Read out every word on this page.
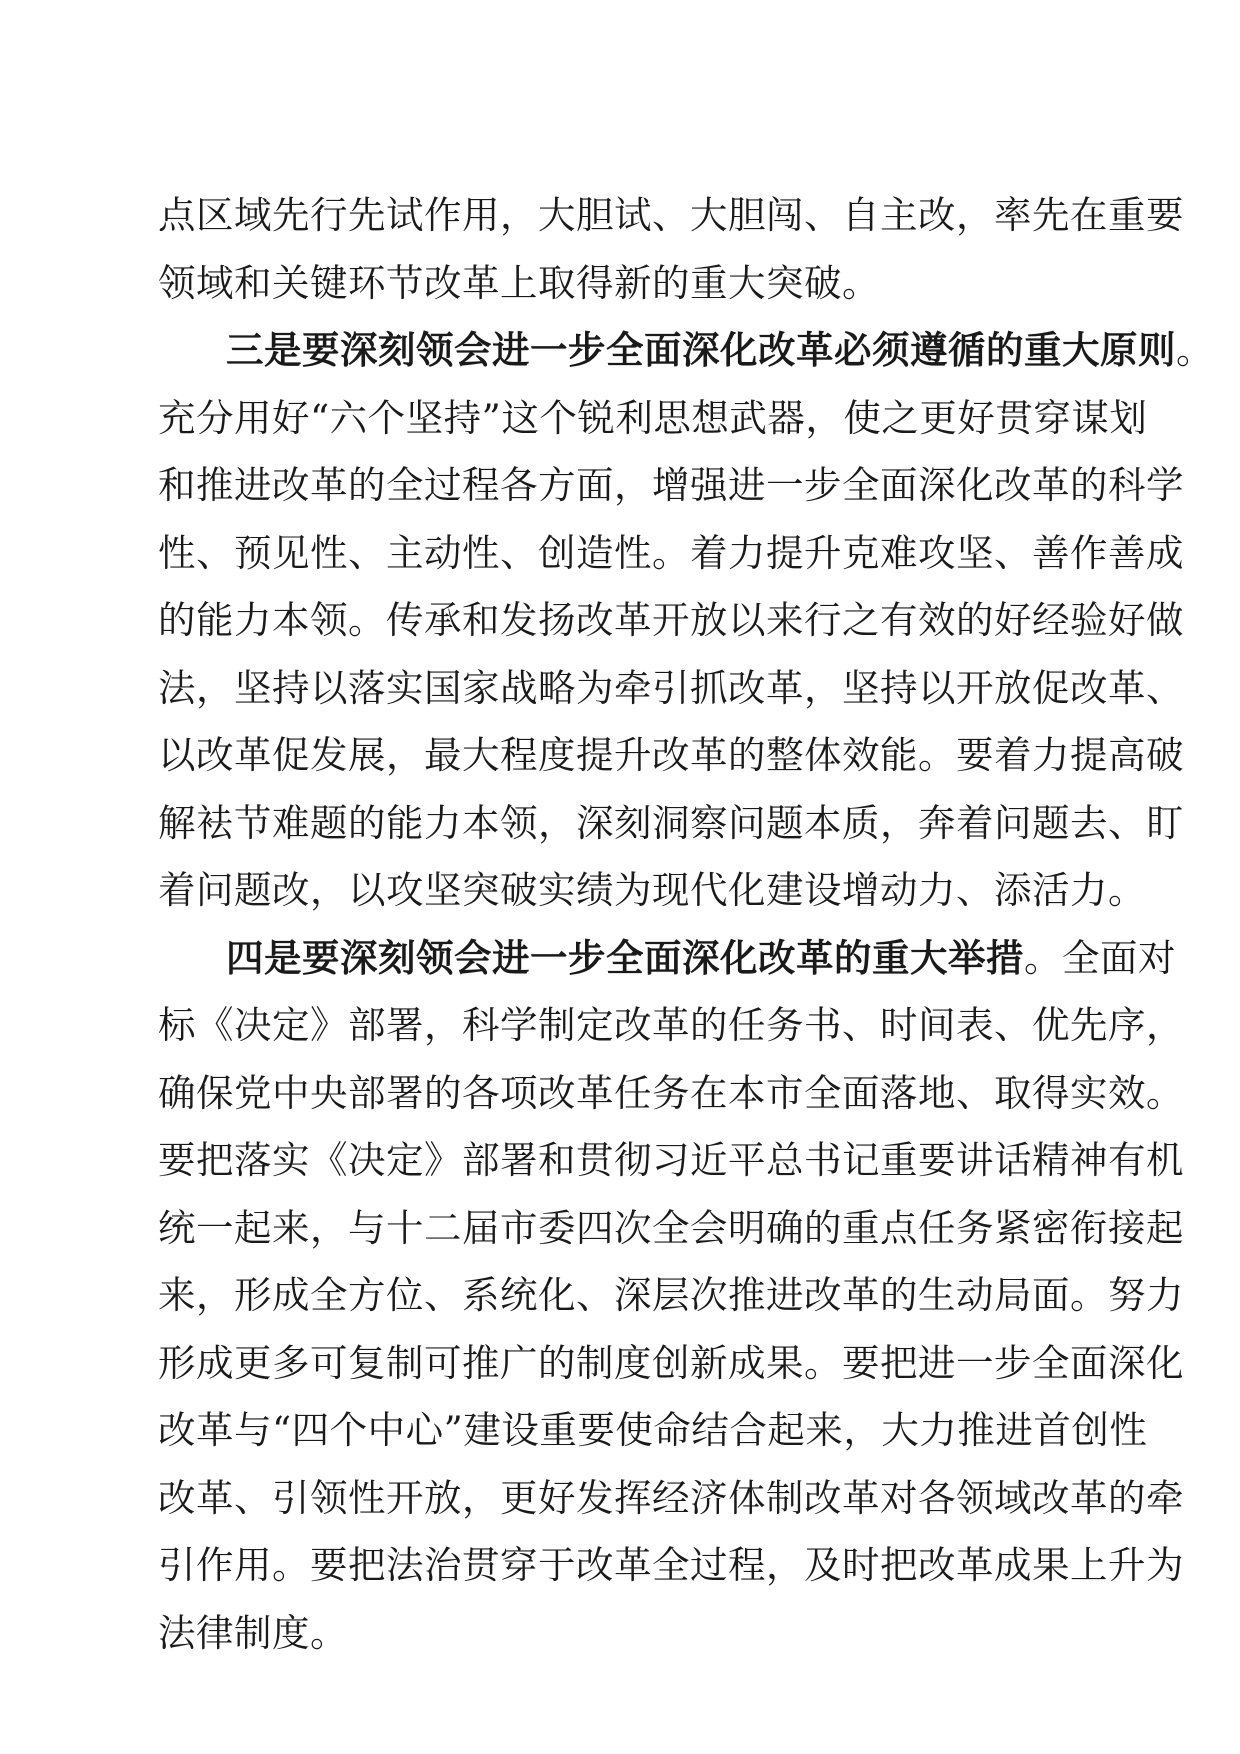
点区域先行先试作用，大胆试、大胆闯、自主改，率先在重要
领域和关键环节改革上取得新的重大突破。
三是要深刻领会进一步全面深化改革必须遵循的重大原则。
充分用好“六个坚持”这个锐利思想武器，使之更好贯穿谋划
和推进改革的全过程各方面，增强进一步全面深化改革的科学
性、预见性、主动性、创造性。着力提升克难攻坚、善作善成
的能力本领。传承和发扬改革开放以来行之有效的好经验好做
法，坚持以落实国家战略为牵引抓改革，坚持以开放促改革、
以改革促发展，最大程度提升改革的整体效能。要着力提高破
解袪节难题的能力本领，深刻洞察问题本质，奔着问题去、盯
着问题改，以攻坚突破实绩为现代化建设增动力、添活力。
四是要深刻领会进一步全面深化改革的重大举措。全面对
标《决定》部署，科学制定改革的任务书、时间表、优先序，
确保党中央部署的各项改革任务在本市全面落地、取得实效。
要把落实《决定》部署和贯彻习近平总书记重要讲话精神有机
统一起来，与十二届市委四次全会明确的重点任务紧密衔接起
来，形成全方位、系统化、深层次推进改革的生动局面。努力
形成更多可复制可推广的制度创新成果。要把进一步全面深化
改革与“四个中心”建设重要使命结合起来，大力推进首创性
改革、引领性开放，更好发挥经济体制改革对各领域改革的牵
引作用。要把法治贯穿于改革全过程，及时把改革成果上升为
法律制度。
